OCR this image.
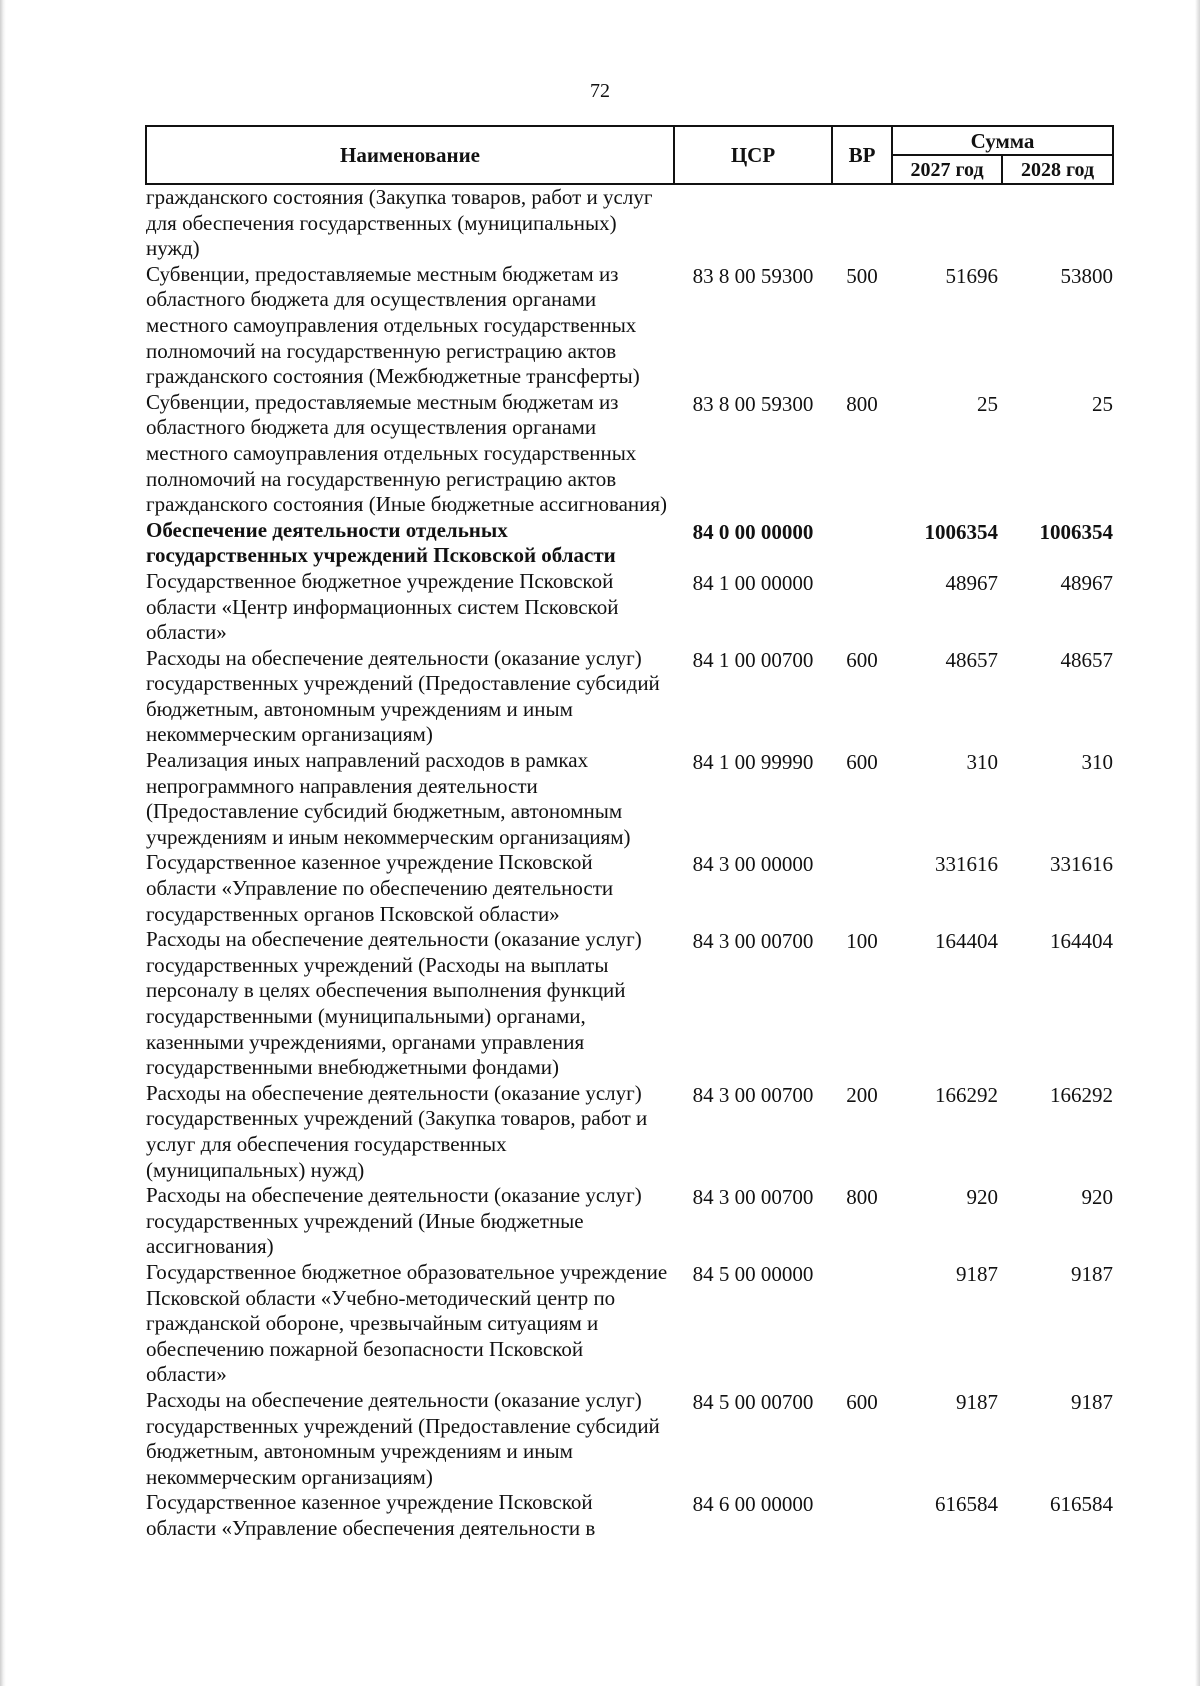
72
Наименование	ЦСР	ВР	Сумма	
			2027 год	2028 год
гражданского состояния (Закупка товаров, работ и услуг для обеспечения государственных (муниципальных) нужд)				
Субвенции, предоставляемые местным бюджетам из областного бюджета для осуществления органами местного самоуправления отдельных государственных полномочий на государственную регистрацию актов гражданского состояния (Межбюджетные трансферты)	83 8 00 59300	500	51696	53800
Субвенции, предоставляемые местным бюджетам из областного бюджета для осуществления органами местного самоуправления отдельных государственных полномочий на государственную регистрацию актов гражданского состояния (Иные бюджетные ассигнования)	83 8 00 59300	800	25	25
Обеспечение деятельности отдельных государственных учреждений Псковской области	84 0 00 00000		1006354	1006354
Государственное бюджетное учреждение Псковской области «Центр информационных систем Псковской области»	84 1 00 00000		48967	48967
Расходы на обеспечение деятельности (оказание услуг) государственных учреждений (Предоставление субсидий бюджетным, автономным учреждениям и иным некоммерческим организациям)	84 1 00 00700	600	48657	48657
Реализация иных направлений расходов в рамках непрограммного направления деятельности (Предоставление субсидий бюджетным, автономным учреждениям и иным некоммерческим организациям)	84 1 00 99990	600	310	310
Государственное казенное учреждение Псковской области «Управление по обеспечению деятельности государственных органов Псковской области»	84 3 00 00000		331616	331616
Расходы на обеспечение деятельности (оказание услуг) государственных учреждений (Расходы на выплаты персоналу в целях обеспечения выполнения функций государственными (муниципальными) органами, казенными учреждениями, органами управления государственными внебюджетными фондами)	84 3 00 00700	100	164404	164404
Расходы на обеспечение деятельности (оказание услуг) государственных учреждений (Закупка товаров, работ и услуг для обеспечения государственных (муниципальных) нужд)	84 3 00 00700	200	166292	166292
Расходы на обеспечение деятельности (оказание услуг) государственных учреждений (Иные бюджетные ассигнования)	84 3 00 00700	800	920	920
Государственное бюджетное образовательное учреждение Псковской области «Учебно-методический центр по гражданской обороне, чрезвычайным ситуациям и обеспечению пожарной безопасности Псковской области»	84 5 00 00000		9187	9187
Расходы на обеспечение деятельности (оказание услуг) государственных учреждений (Предоставление субсидий бюджетным, автономным учреждениям и иным некоммерческим организациям)	84 5 00 00700	600	9187	9187
Государственное казенное учреждение Псковской области «Управление обеспечения деятельности в	84 6 00 00000		616584	616584
